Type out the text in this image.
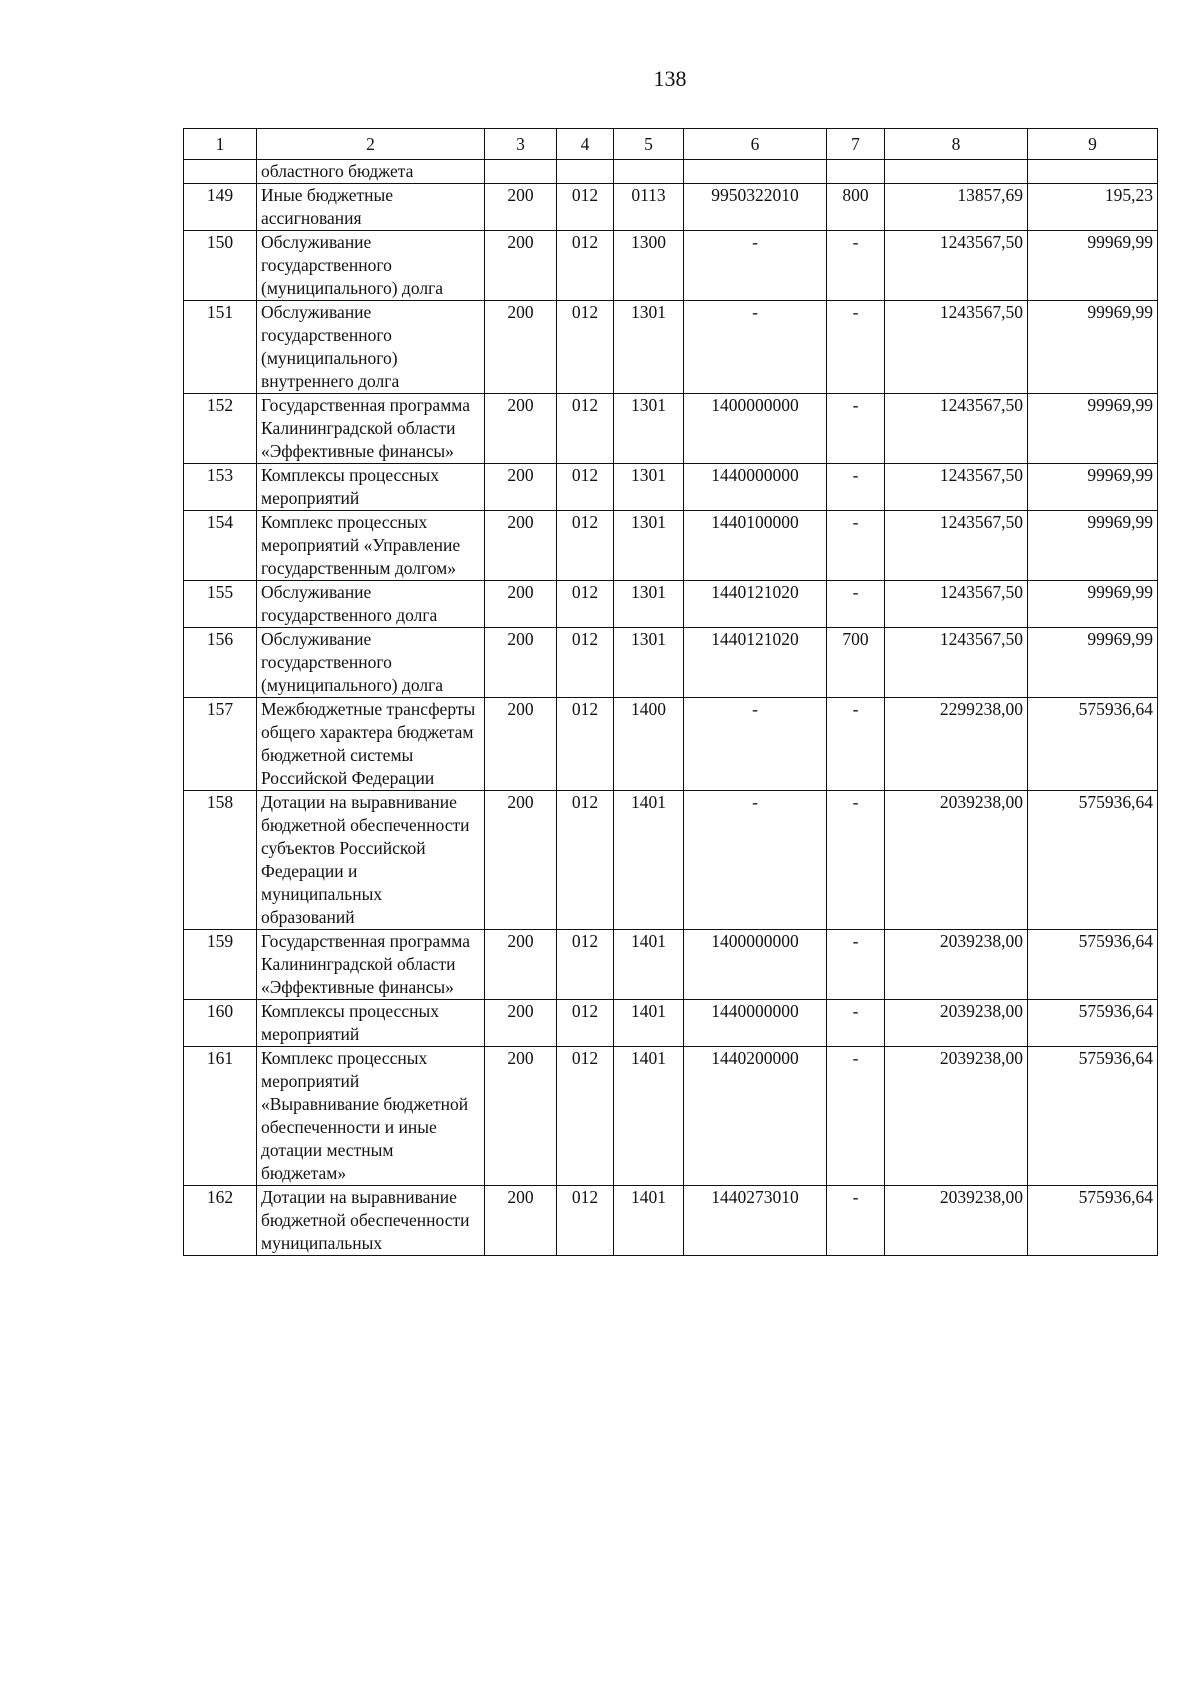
138
1	2	3	4	5	6	7	8	9
	областного бюджета							
149	Иные бюджетные ассигнования	200	012	0113	9950322010	800	13857,69	195,23
150	Обслуживание государственного (муниципального) долга	200	012	1300	-	-	1243567,50	99969,99
151	Обслуживание государственного (муниципального) внутреннего долга	200	012	1301	-	-	1243567,50	99969,99
152	Государственная программа Калининградской области «Эффективные финансы»	200	012	1301	1400000000	-	1243567,50	99969,99
153	Комплексы процессных мероприятий	200	012	1301	1440000000	-	1243567,50	99969,99
154	Комплекс процессных мероприятий «Управление государственным долгом»	200	012	1301	1440100000	-	1243567,50	99969,99
155	Обслуживание государственного долга	200	012	1301	1440121020	-	1243567,50	99969,99
156	Обслуживание государственного (муниципального) долга	200	012	1301	1440121020	700	1243567,50	99969,99
157	Межбюджетные трансферты общего характера бюджетам бюджетной системы Российской Федерации	200	012	1400	-	-	2299238,00	575936,64
158	Дотации на выравнивание бюджетной обеспеченности субъектов Российской Федерации и муниципальных образований	200	012	1401	-	-	2039238,00	575936,64
159	Государственная программа Калининградской области «Эффективные финансы»	200	012	1401	1400000000	-	2039238,00	575936,64
160	Комплексы процессных мероприятий	200	012	1401	1440000000	-	2039238,00	575936,64
161	Комплекс процессных мероприятий «Выравнивание бюджетной обеспеченности и иные дотации местным бюджетам»	200	012	1401	1440200000	-	2039238,00	575936,64
162	Дотации на выравнивание бюджетной обеспеченности муниципальных	200	012	1401	1440273010	-	2039238,00	575936,64
